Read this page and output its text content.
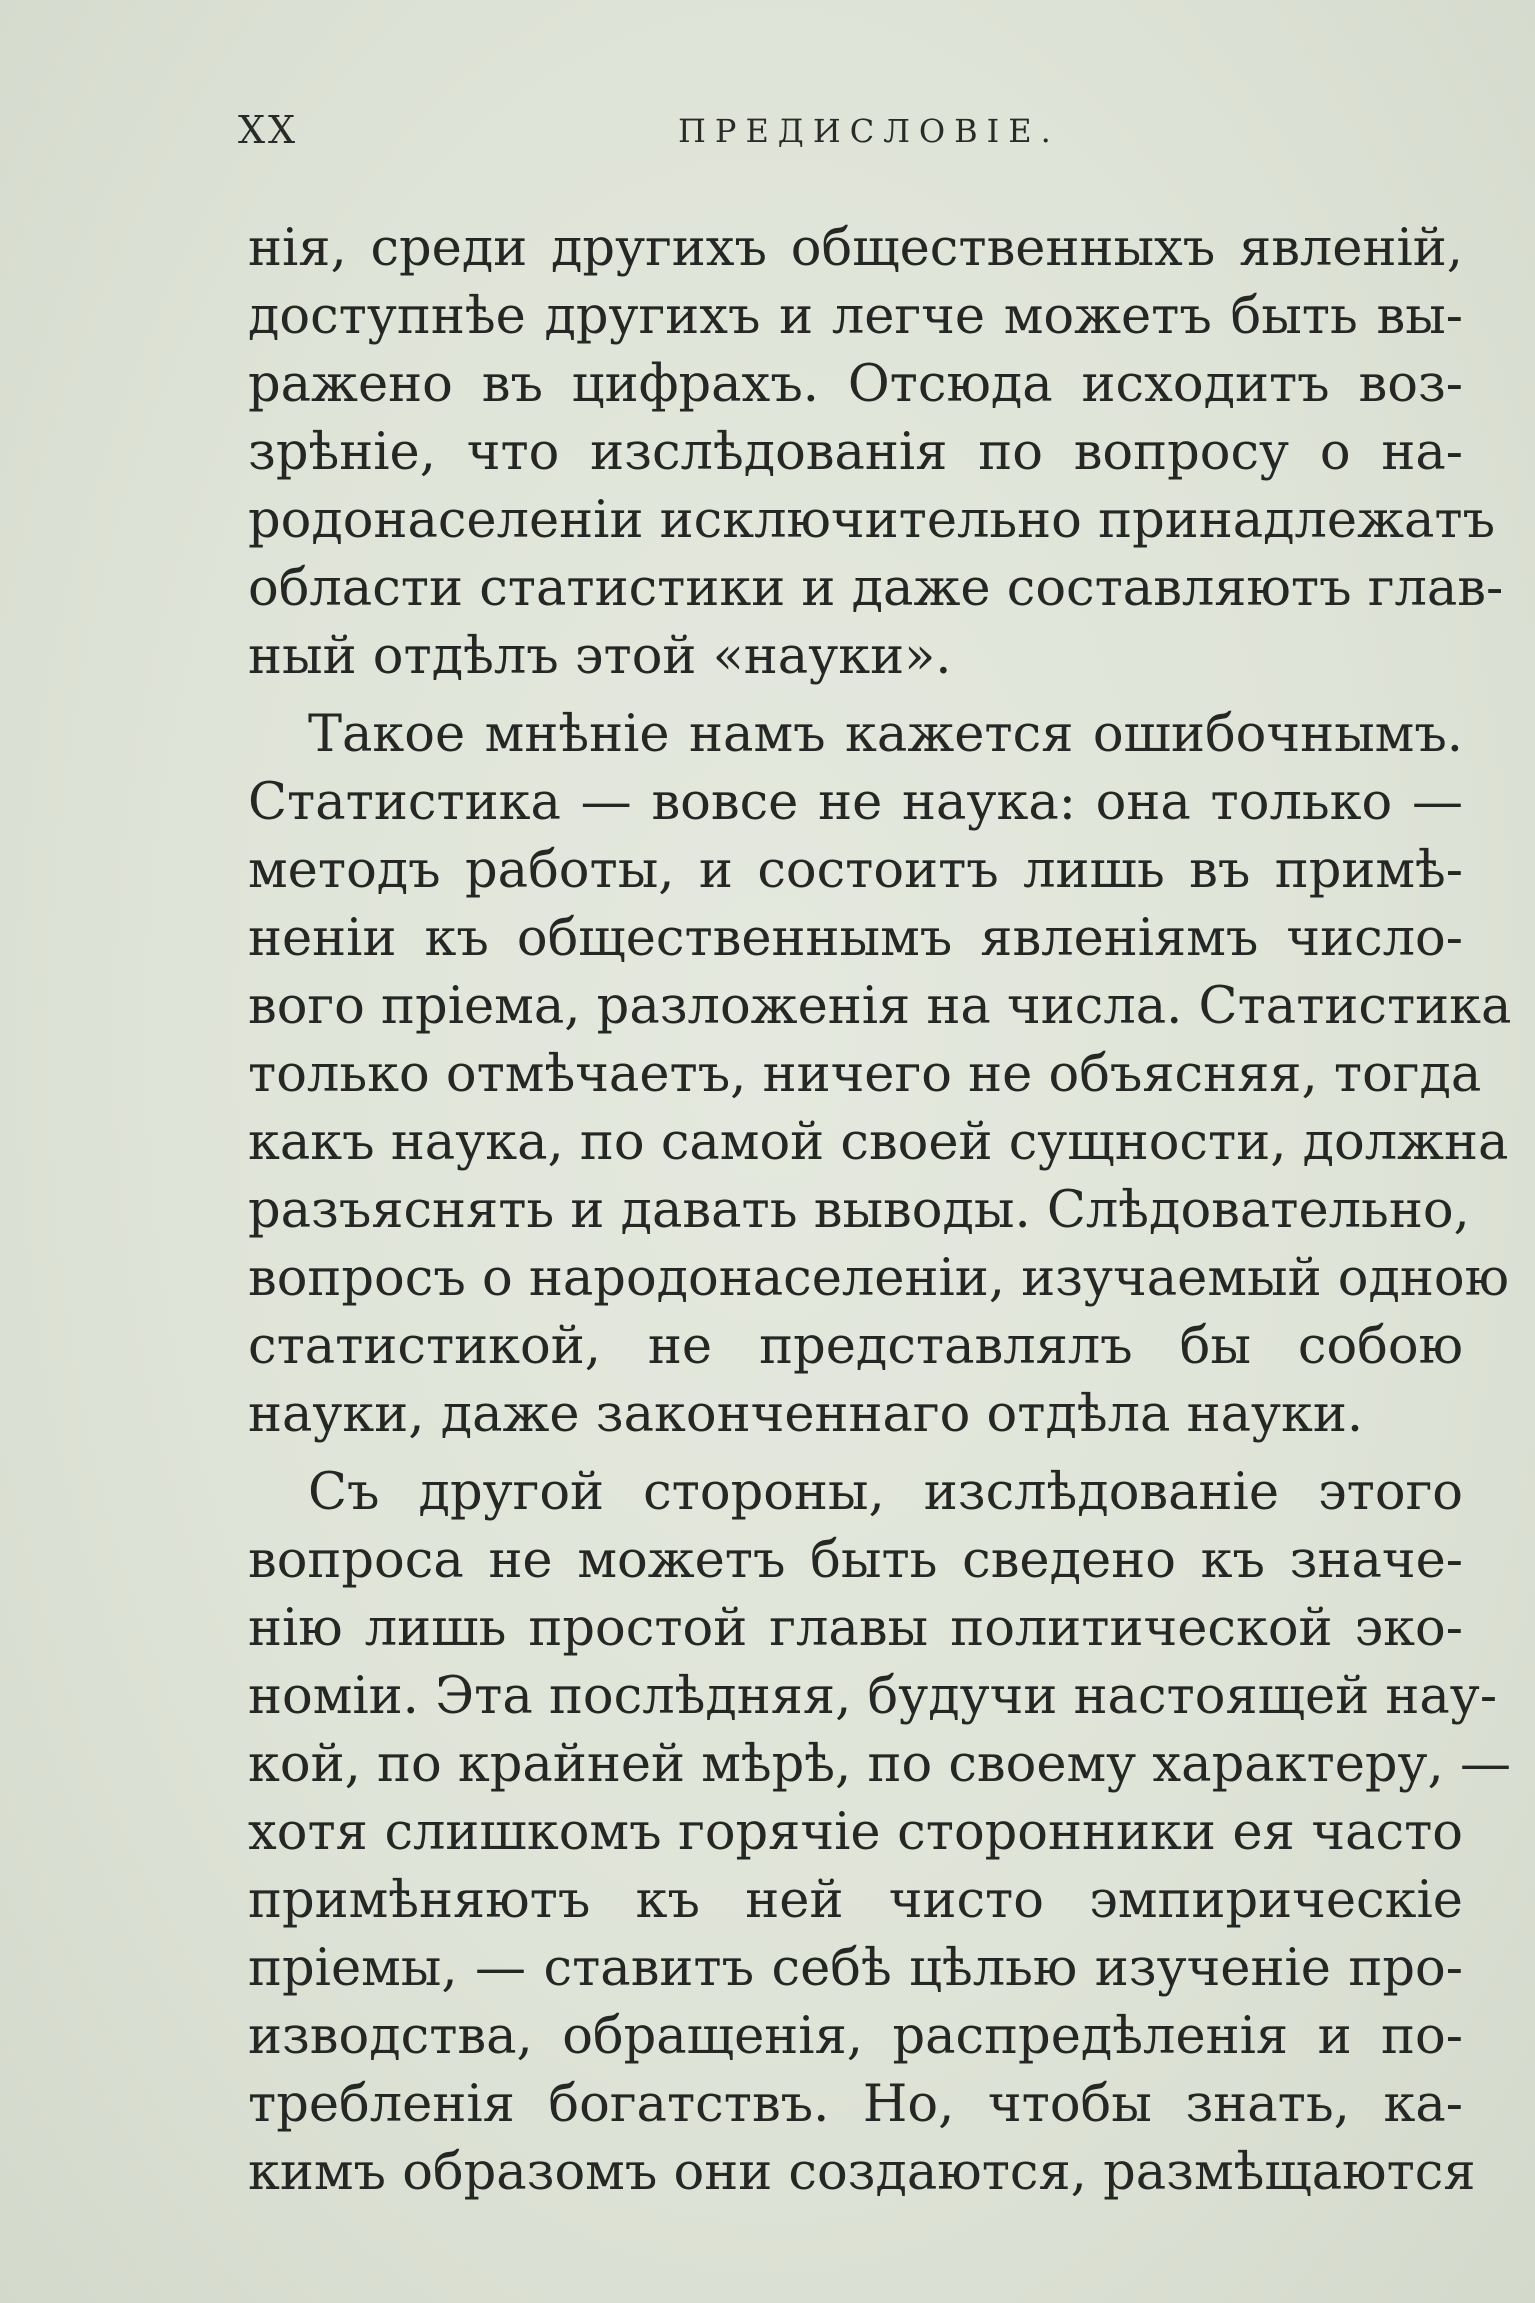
XX	ПРЕДИСЛОВІЕ.
нія, среди другихъ общественныхъ явленій,
доступнѣе другихъ и легче можетъ быть вы-
ражено въ цифрахъ. Отсюда исходитъ воз-
зрѣніе, что изслѣдованія по вопросу о на-
родонаселеніи исключительно принадлежатъ
области статистики и даже составляютъ глав-
ный отдѣлъ этой «науки».
Такое мнѣніе намъ кажется ошибочнымъ.
Статистика — вовсе не наука: она только —
методъ работы, и состоитъ лишь въ примѣ-
неніи къ общественнымъ явленіямъ числo-
вого пріема, разложенія на числа. Статистика
только отмѣчаетъ, ничего не объясняя, тогда
какъ наука, по самой своей сущности, должна
разъяснять и давать выводы. Слѣдовательно,
вопросъ о народонаселеніи, изучаемый одною
статистикой, не представлялъ бы собою
науки, даже законченнаго отдѣла науки.
Съ другой стороны, изслѣдованіе этого
вопроса не можетъ быть сведено къ значе-
нію лишь простой главы политической эко-
номіи. Эта послѣдняя, будучи настоящей нау-
кой, по крайней мѣрѣ, по своему характеру, —
хотя слишкомъ горячіе сторонники ея часто
примѣняютъ къ ней чисто эмпирическіе
пріемы, — ставитъ себѣ цѣлью изученіе про-
изводства, обращенія, распредѣленія и по-
требленія богатствъ. Но, чтобы знать, ка-
кимъ образомъ они создаются, размѣщаются
